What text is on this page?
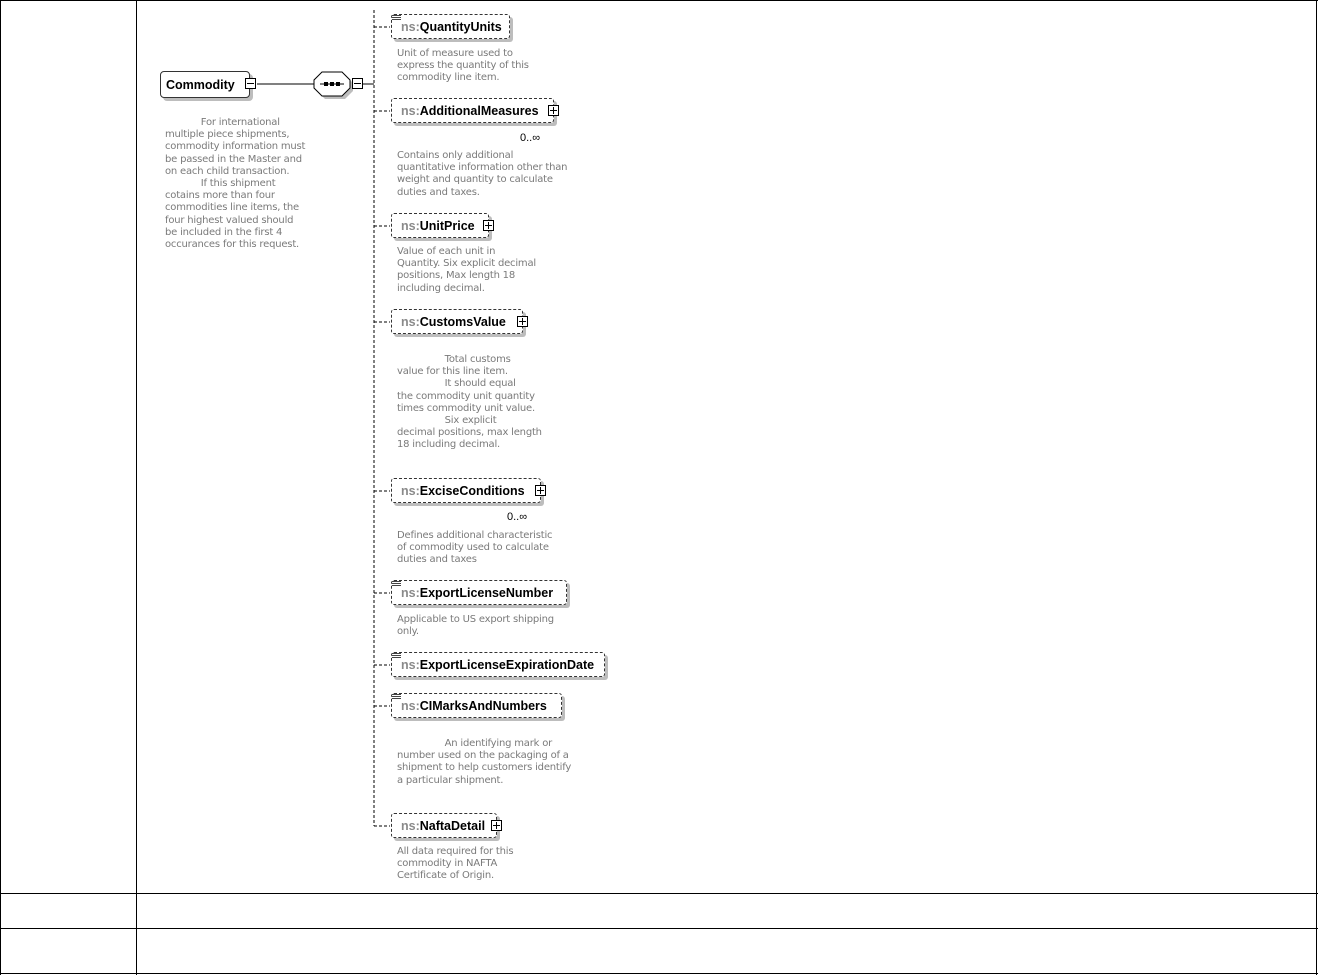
Commodity
For international
multiple piece shipments,
commodity information must
be passed in the Master and
on each child transaction.
If this shipment
cotains more than four
commodities line items, the
four highest valued should
be included in the first 4
occurances for this request.
ns:QuantityUnits
Unit of measure used to
express the quantity of this
commodity line item.
ns:AdditionalMeasures
0..∞
Contains only additional
quantitative information other than
weight and quantity to calculate
duties and taxes.
ns:UnitPrice
Value of each unit in
Quantity. Six explicit decimal
positions, Max length 18
including decimal.
ns:CustomsValue
Total customs
value for this line item.
It should equal
the commodity unit quantity
times commodity unit value.
Six explicit
decimal positions, max length
18 including decimal.
ns:ExciseConditions
0..∞
Defines additional characteristic
of commodity used to calculate
duties and taxes
ns:ExportLicenseNumber
Applicable to US export shipping
only.
ns:ExportLicenseExpirationDate
ns:CIMarksAndNumbers
An identifying mark or
number used on the packaging of a
shipment to help customers identify
a particular shipment.
ns:NaftaDetail
All data required for this
commodity in NAFTA
Certificate of Origin.
